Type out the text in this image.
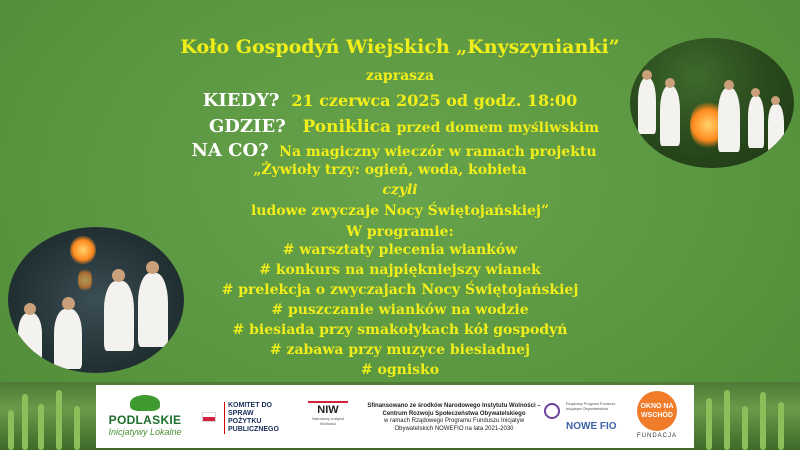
Koło Gospodyń Wiejskich „Knyszynianki”
zaprasza
KIEDY? 21 czerwca 2025 od godz. 18:00
GDZIE? Poniklica przed domem myśliwskim
NA CO? Na magiczny wieczór w ramach projektu
„Żywioły trzy: ogień, woda, kobieta
czyli
ludowe zwyczaje Nocy Świętojańskiej”
W programie:
# warsztaty plecenia wianków
# konkurs na najpiękniejszy wianek
# prelekcja o zwyczajach Nocy Świętojańskiej
# puszczanie wianków na wodzie
# biesiada przy smakołykach kół gospodyń
# zabawa przy muzyce biesiadnej
# ognisko
PODLASKIE
Inicjatywy Lokalne
KOMITET DO SPRAW POŻYTKU PUBLICZNEGO
NIW
Narodowy Instytut Wolności
Sfinansowano ze środków Narodowego Instytutu Wolności – Centrum Rozwoju Społeczeństwa Obywatelskiego
w ramach Rządowego Programu Funduszu Inicjatyw Obywatelskich NOWEFIO na lata 2021-2030
Rządowy Program Fundusz Inicjatyw Obywatelskich
NOWE FIO
OKNO NA WSCHÓD
FUNDACJA
